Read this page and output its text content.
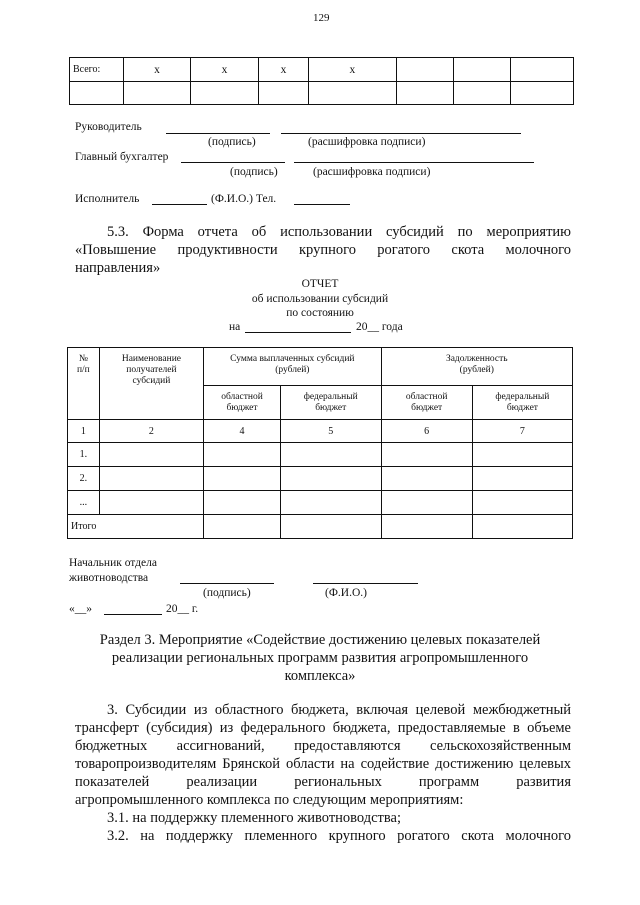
129
Всего:	х	х	х	х			

Руководитель
(подпись)	(расшифровка подписи)
Главный бухгалтер
(подпись)	(расшифровка подписи)
Исполнитель	(Ф.И.О.) Тел.
5.3. Форма отчета об использовании субсидий по мероприятию
«Повышение продуктивности крупного рогатого скота молочного
направления»
ОТЧЕТ
об использовании субсидий
по состоянию
на	20__ года
№ п/п	Наименование получателей субсидий	Сумма выплаченных субсидий (рублей)		Задолженность (рублей)	
		областной бюджет	федеральный бюджет	областной бюджет	федеральный бюджет
1	2	4	5	6	7
1.					
2.					
...					
Итого					
Начальник отдела
животноводства
(подпись)	(Ф.И.О.)
«__»	20__ г.
Раздел 3. Мероприятие «Содействие достижению целевых показателей
реализации региональных программ развития агропромышленного
комплекса»
3. Субсидии из областного бюджета, включая целевой межбюджетный
трансферт (субсидия) из федерального бюджета, предоставляемые в объеме
бюджетных ассигнований, предоставляются сельскохозяйственным
товаропроизводителям Брянской области на содействие достижению целевых
показателей реализации региональных программ развития
агропромышленного комплекса по следующим мероприятиям:
3.1. на поддержку племенного животноводства;
3.2. на поддержку племенного крупного рогатого скота молочного
